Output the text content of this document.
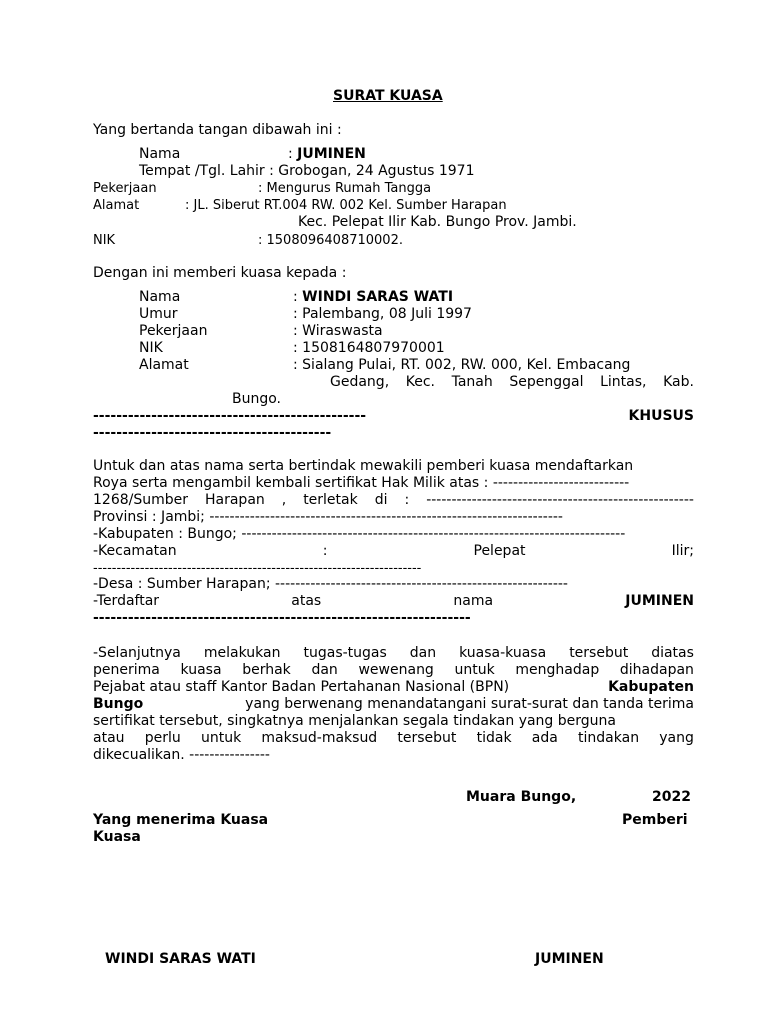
SURAT KUASA
Yang bertanda tangan dibawah ini :
Nama	: JUMINEN
Tempat /Tgl. Lahir : Grobogan, 24 Agustus 1971
Pekerjaan	: Mengurus Rumah Tangga
Alamat	: JL. Siberut RT.004 RW. 002 Kel. Sumber Harapan
Kec. Pelepat Ilir Kab. Bungo Prov. Jambi.
NIK	: 1508096408710002.
Dengan ini memberi kuasa kepada :
Nama	: WINDI SARAS WATI
Umur	: Palembang, 08 Juli 1997
Pekerjaan	: Wiraswasta
NIK	: 1508164807970001
Alamat	: Sialang Pulai, RT. 002, RW. 000, Kel. Embacang
Gedang, Kec. Tanah Sepenggal Lintas, Kab.
Bungo.
-----------------------------------------------	KHUSUS
-----------------------------------------
Untuk dan atas nama serta bertindak mewakili pemberi kuasa mendaftarkan
Roya serta mengambil kembali sertifikat Hak Milik atas : ---------------------------
1268/Sumber Harapan , terletak di : -----------------------------------------------------
Provinsi : Jambi; ----------------------------------------------------------------------
-Kabupaten : Bungo; ----------------------------------------------------------------------------
-Kecamatan	:	Pelepat	Ilir;
----------------------------------------------------------------------
-Desa : Sumber Harapan; ----------------------------------------------------------
-Terdaftar	atas	nama	JUMINEN
-----------------------------------------------------------------
-Selanjutnya melakukan tugas-tugas dan kuasa-kuasa tersebut diatas
penerima kuasa berhak dan wewenang untuk menghadap dihadapan
Pejabat atau staff Kantor Badan Pertahanan Nasional (BPN)	Kabupaten
Bungo	yang berwenang menandatangani surat-surat dan tanda terima
sertifikat tersebut, singkatnya menjalankan segala tindakan yang berguna
atau perlu untuk maksud-maksud tersebut tidak ada tindakan yang
dikecualikan. ----------------
Muara Bungo,	2022
Yang menerima Kuasa	Pemberi
Kuasa
WINDI SARAS WATI	JUMINEN
